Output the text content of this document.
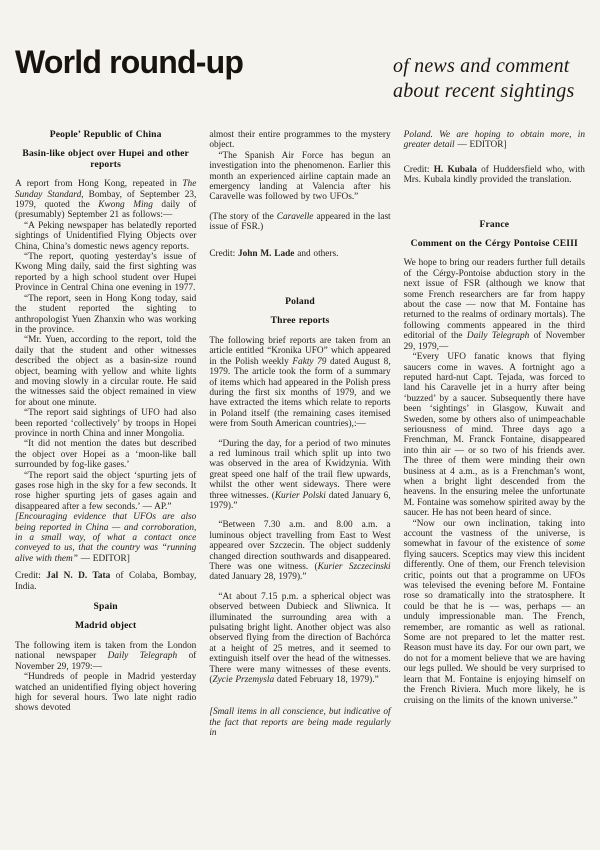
World round-up	of news and comment
about recent sightings

People’ Republic of China

Basin-like object over Hupei and other reports

A report from Hong Kong, repeated in The Sunday Standard, Bombay, of September 23, 1979, quoted the Kwong Ming daily of (presumably) September 21 as follows:—

“A Peking newspaper has belatedly reported sightings of Unidentified Flying Objects over China, China’s domestic news agency reports.

“The report, quoting yesterday’s issue of Kwong Ming daily, said the first sighting was reported by a high school student over Hupei Province in Central China one evening in 1977.

“The report, seen in Hong Kong today, said the student reported the sighting to anthropologist Yuen Zhanxin who was working in the province.

“Mr. Yuen, according to the report, told the daily that the student and other witnesses described the object as a basin-size round object, beaming with yellow and white lights and moving slowly in a circular route. He said the witnesses said the object remained in view for about one minute.

“The report said sightings of UFO had also been reported ‘collectively’ by troops in Hopei province in north China and inner Mongolia.

“It did not mention the dates but described the object over Hopei as a ‘moon-like ball surrounded by fog-like gases.’

“The report said the object ‘spurting jets of gases rose high in the sky for a few seconds. It rose higher spurting jets of gases again and disappeared after a few seconds.’ — AP.”

[Encouraging evidence that UFOs are also being reported in China — and corroboration, in a small way, of what a contact once conveyed to us, that the country was “running alive with them” — EDITOR]

Credit: Jal N. D. Tata of Colaba, Bombay, India.

Spain

Madrid object

The following item is taken from the London national newspaper Daily Telegraph of November 29, 1979:—

“Hundreds of people in Madrid yesterday watched an unidentified flying object hovering high for several hours. Two late night radio shows devoted

almost their entire programmes to the mystery object.

“The Spanish Air Force has begun an investigation into the phenomenon. Earlier this month an experienced airline captain made an emergency landing at Valencia after his Caravelle was followed by two UFOs.”

(The story of the Caravelle appeared in the last issue of FSR.)

Credit: John M. Lade and others.

Poland

Three reports

The following brief reports are taken from an article entitled “Kronika UFO” which appeared in the Polish weekly Fakty 79 dated August 8, 1979. The article took the form of a summary of items which had appeared in the Polish press during the first six months of 1979, and we have extracted the items which relate to reports in Poland itself (the remaining cases itemised were from South American countries),:—

“During the day, for a period of two minutes a red luminous trail which split up into two was observed in the area of Kwidzynia. With great speed one half of the trail flew upwards, whilst the other went sideways. There were three witnesses. (Kurier Polski dated January 6, 1979).”

“Between 7.30 a.m. and 8.00 a.m. a luminous object travelling from East to West appeared over Szczecin. The object suddenly changed direction southwards and disappeared. There was one witness. (Kurier Szczecinski dated January 28, 1979).”

“At about 7.15 p.m. a spherical object was observed between Dubieck and Sliwnica. It illuminated the surrounding area with a pulsating bright light. Another object was also observed flying from the direction of Bachórca at a height of 25 metres, and it seemed to extinguish itself over the head of the witnesses. There were many witnesses of these events. (Zycie Przemysla dated February 18, 1979).”

[Small items in all conscience, but indicative of the fact that reports are being made regularly in

Poland. We are hoping to obtain more, in greater detail — EDITOR]

Credit: H. Kubala of Huddersfield who, with Mrs. Kubala kindly provided the translation.

France

Comment on the Cérgy Pontoise CEIII

We hope to bring our readers further full details of the Cérgy-Pontoise abduction story in the next issue of FSR (although we know that some French researchers are far from happy about the case — now that M. Fontaine has returned to the realms of ordinary mortals). The following comments appeared in the third editorial of the Daily Telegraph of November 29, 1979,—

“Every UFO fanatic knows that flying saucers come in waves. A fortnight ago a reputed hard-nut Capt. Tejada, was forced to land his Caravelle jet in a hurry after being ‘buzzed’ by a saucer. Subsequently there have been ‘sightings’ in Glasgow, Kuwait and Sweden, some by others also of unimpeachable seriousness of mind. Three days ago a Frenchman, M. Franck Fontaine, disappeared into thin air — or so two of his friends aver. The three of them were minding their own business at 4 a.m., as is a Frenchman’s wont, when a bright light descended from the heavens. In the ensuring melee the unfortunate M. Fontaine was somehow spirited away by the saucer. He has not been heard of since.

“Now our own inclination, taking into account the vastness of the universe, is somewhat in favour of the existence of some flying saucers. Sceptics may view this incident differently. One of them, our French television critic, points out that a programme on UFOs was televised the evening before M. Fontaine rose so dramatically into the stratosphere. It could be that he is — was, perhaps — an unduly impressionable man. The French, remember, are romantic as well as rational. Some are not prepared to let the matter rest. Reason must have its day. For our own part, we do not for a moment believe that we are having our legs pulled. We should be very surprised to learn that M. Fontaine is enjoying himself on the French Riviera. Much more likely, he is cruising on the limits of the known universe.”
